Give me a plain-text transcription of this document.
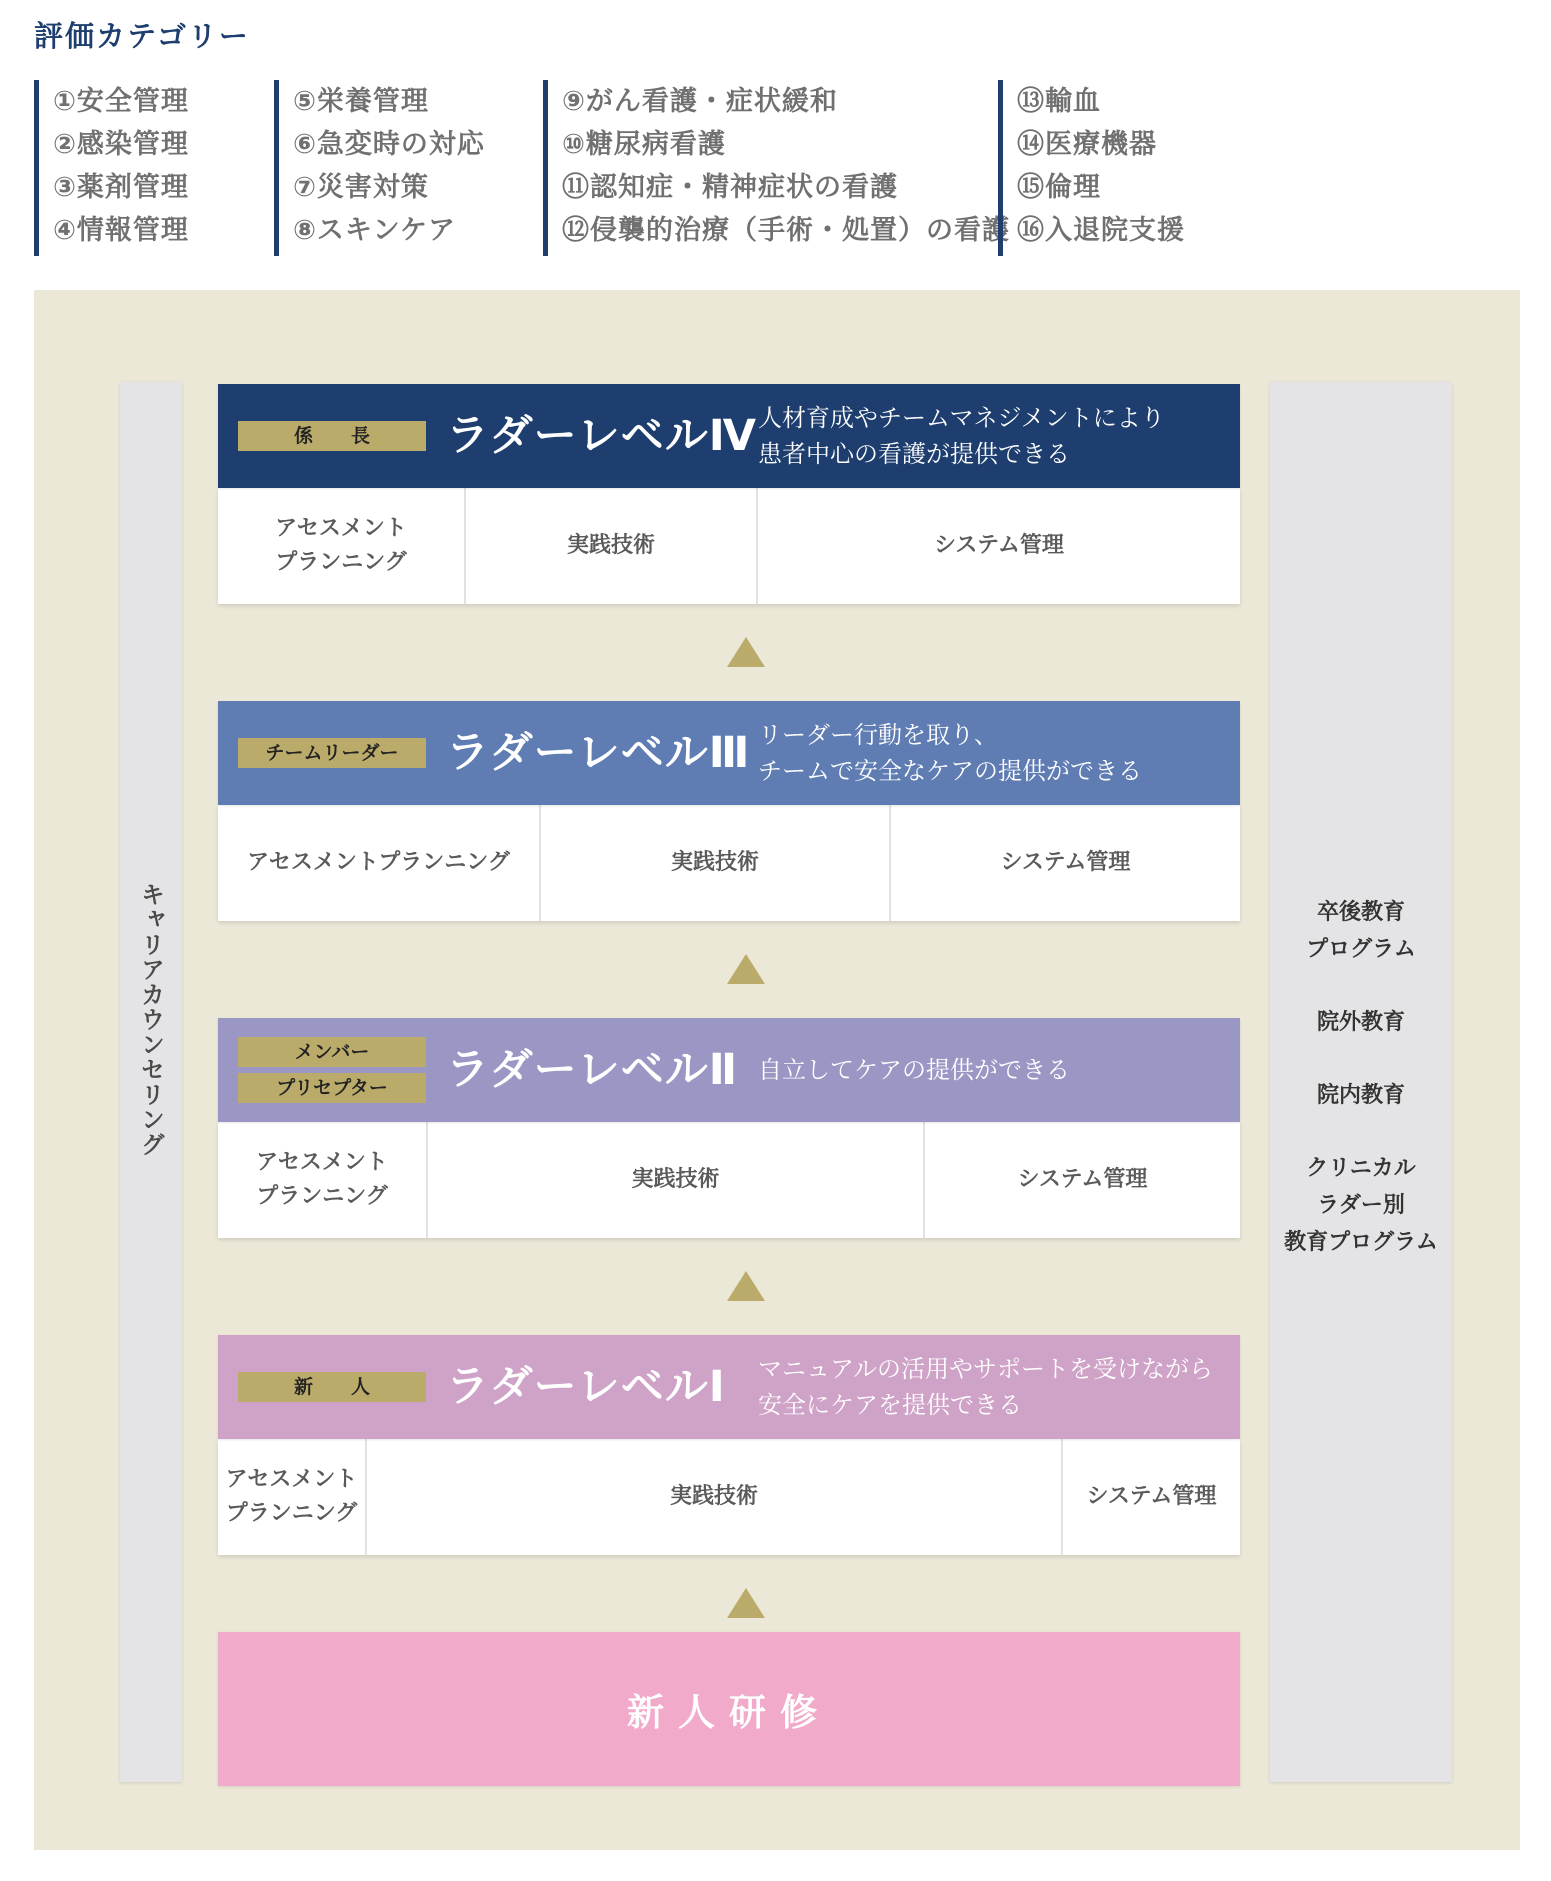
評価カテゴリー
①安全管理
②感染管理
③薬剤管理
④情報管理
⑤栄養管理
⑥急変時の対応
⑦災害対策
⑧スキンケア
⑨がん看護・症状緩和
⑩糖尿病看護
⑪認知症・精神症状の看護
⑫侵襲的治療（手術・処置）の看護
⑬輸血
⑭医療機器
⑮倫理
⑯入退院支援
キャリアカウンセリング	卒後教育
プログラム
院外教育
院内教育
クリニカル
ラダー別
教育プログラム
係　　長	ラダーレベルⅣ 人材育成やチームマネジメントにより
患者中心の看護が提供できる
アセスメント
プランニング
実践技術	システム管理
チームリーダー	ラダーレベルⅢ リーダー行動を取り、
チームで安全なケアの提供ができる
アセスメントプランニング	実践技術	システム管理
メンバー
プリセプター	ラダーレベルⅡ 自立してケアの提供ができる
アセスメント
プランニング
実践技術	システム管理
新　　人	ラダーレベルⅠ マニュアルの活用やサポートを受けながら
安全にケアを提供できる
アセスメント
プランニング
実践技術	システム管理
新人研修
